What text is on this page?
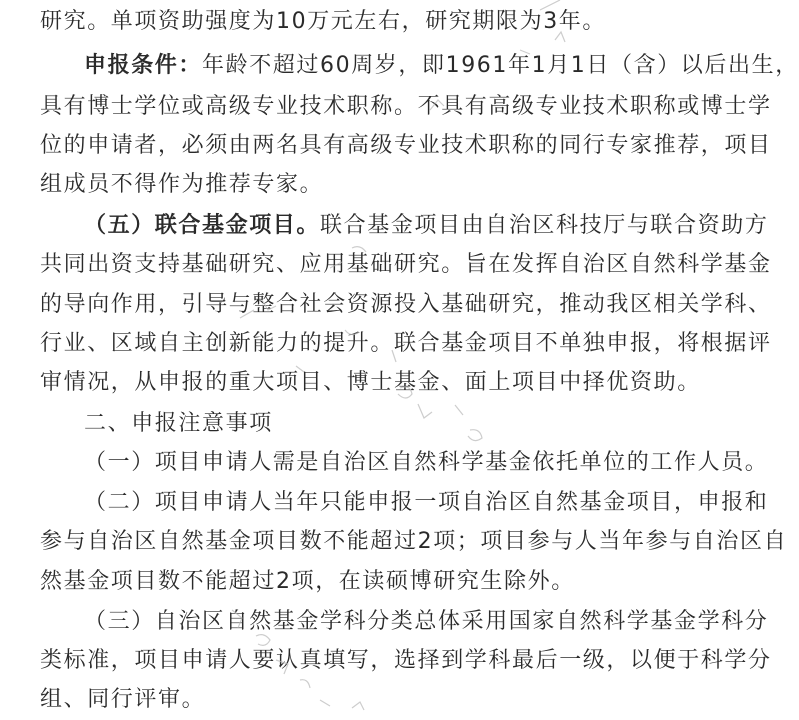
研究。单项资助强度为10万元左右，研究期限为3年。
申报条件：年龄不超过60周岁，即1961年1月1日（含）以后出生，
具有博士学位或高级专业技术职称。不具有高级专业技术职称或博士学
位的申请者，必须由两名具有高级专业技术职称的同行专家推荐，项目
组成员不得作为推荐专家。
（五）联合基金项目。联合基金项目由自治区科技厅与联合资助方
共同出资支持基础研究、应用基础研究。旨在发挥自治区自然科学基金
的导向作用，引导与整合社会资源投入基础研究，推动我区相关学科、
行业、区域自主创新能力的提升。联合基金项目不单独申报，将根据评
审情况，从申报的重大项目、博士基金、面上项目中择优资助。
二、申报注意事项
（一）项目申请人需是自治区自然科学基金依托单位的工作人员。
（二）项目申请人当年只能申报一项自治区自然基金项目，申报和
参与自治区自然基金项目数不能超过2项；项目参与人当年参与自治区自
然基金项目数不能超过2项，在读硕博研究生除外。
（三）自治区自然基金学科分类总体采用国家自然科学基金学科分
类标准，项目申请人要认真填写，选择到学科最后一级，以便于科学分
组、同行评审。
